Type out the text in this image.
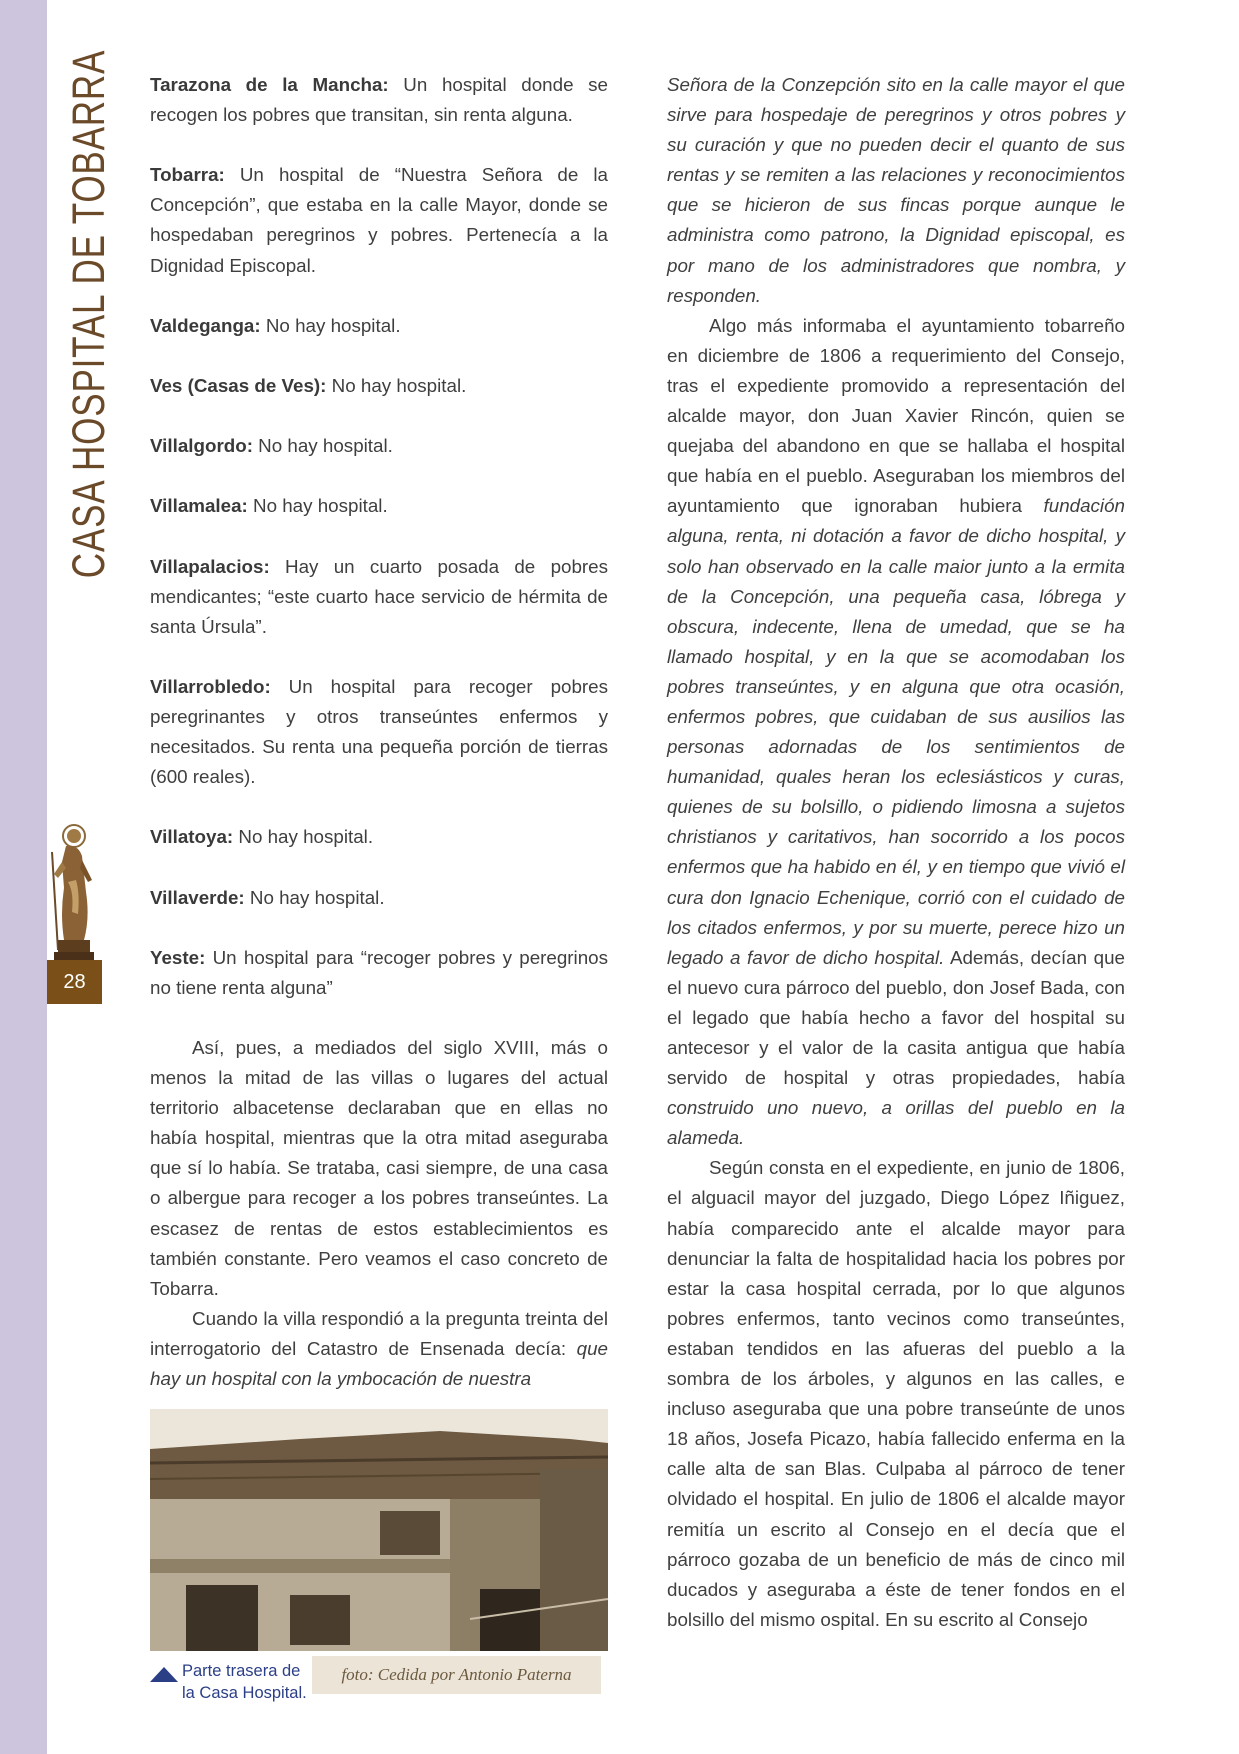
CASA HOSPITAL DE TOBARRA
28

Tarazona de la Mancha: Un hospital donde se recogen los pobres que transitan, sin renta alguna.

Tobarra: Un hospital de “Nuestra Señora de la Concepción”, que estaba en la calle Mayor, donde se hospedaban peregrinos y pobres. Pertenecía a la Dignidad Episcopal.

Valdeganga: No hay hospital.

Ves (Casas de Ves): No hay hospital.

Villalgordo: No hay hospital.

Villamalea: No hay hospital.

Villapalacios: Hay un cuarto posada de pobres mendicantes; “este cuarto hace servicio de hérmita de santa Úrsula”.

Villarrobledo: Un hospital para recoger pobres peregrinantes y otros transeúntes enfermos y necesitados. Su renta una pequeña porción de tierras (600 reales).

Villatoya: No hay hospital.

Villaverde: No hay hospital.

Yeste: Un hospital para “recoger pobres y peregrinos no tiene renta alguna”

Así, pues, a mediados del siglo XVIII, más o menos la mitad de las villas o lugares del actual territorio albacetense declaraban que en ellas no había hospital, mientras que la otra mitad aseguraba que sí lo había. Se trataba, casi siempre, de una casa o albergue para recoger a los pobres transeúntes. La escasez de rentas de estos establecimientos es también constante. Pero veamos el caso concreto de Tobarra.

Cuando la villa respondió a la pregunta treinta del interrogatorio del Catastro de Ensenada decía: que hay un hospital con la ymbocación de nuestra

Señora de la Conzepción sito en la calle mayor el que sirve para hospedaje de peregrinos y otros pobres y su curación y que no pueden decir el quanto de sus rentas y se remiten a las relaciones y reconocimientos que se hicieron de sus fincas porque aunque le administra como patrono, la Dignidad episcopal, es por mano de los administradores que nombra, y responden.

Algo más informaba el ayuntamiento tobarreño en diciembre de 1806 a requerimiento del Consejo, tras el expediente promovido a representación del alcalde mayor, don Juan Xavier Rincón, quien se quejaba del abandono en que se hallaba el hospital que había en el pueblo. Aseguraban los miembros del ayuntamiento que ignoraban hubiera fundación alguna, renta, ni dotación a favor de dicho hospital, y solo han observado en la calle maior junto a la ermita de la Concepción, una pequeña casa, lóbrega y obscura, indecente, llena de umedad, que se ha llamado hospital, y en la que se acomodaban los pobres transeúntes, y en alguna que otra ocasión, enfermos pobres, que cuidaban de sus ausilios las personas adornadas de los sentimientos de humanidad, quales heran los eclesiásticos y curas, quienes de su bolsillo, o pidiendo limosna a sujetos christianos y caritativos, han socorrido a los pocos enfermos que ha habido en él, y en tiempo que vivió el cura don Ignacio Echenique, corrió con el cuidado de los citados enfermos, y por su muerte, perece hizo un legado a favor de dicho hospital. Además, decían que el nuevo cura párroco del pueblo, don Josef Bada, con el legado que había hecho a favor del hospital su antecesor y el valor de la casita antigua que había servido de hospital y otras propiedades, había construido uno nuevo, a orillas del pueblo en la alameda.

Según consta en el expediente, en junio de 1806, el alguacil mayor del juzgado, Diego López Iñiguez, había comparecido ante el alcalde mayor para denunciar la falta de hospitalidad hacia los pobres por estar la casa hospital cerrada, por lo que algunos pobres enfermos, tanto vecinos como transeúntes, estaban tendidos en las afueras del pueblo a la sombra de los árboles, y algunos en las calles, e incluso aseguraba que una pobre transeúnte de unos 18 años, Josefa Picazo, había fallecido enferma en la calle alta de san Blas. Culpaba al párroco de tener olvidado el hospital. En julio de 1806 el alcalde mayor remitía un escrito al Consejo en el decía que el párroco gozaba de un beneficio de más de cinco mil ducados y aseguraba a éste de tener fondos en el bolsillo del mismo ospital. En su escrito al Consejo

Parte trasera de la Casa Hospital.
foto: Cedida por Antonio Paterna
